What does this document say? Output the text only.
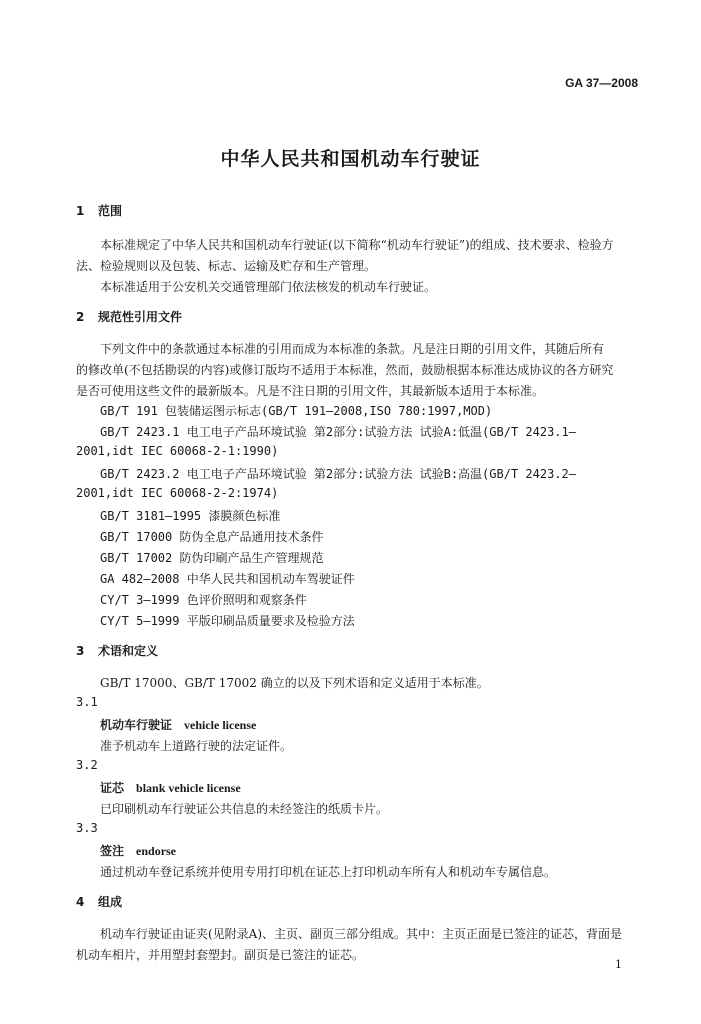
GA 37—2008
中华人民共和国机动车行驶证
1 范围
本标准规定了中华人民共和国机动车行驶证(以下简称“机动车行驶证”)的组成、技术要求、检验方
法、检验规则以及包装、标志、运输及贮存和生产管理。
本标准适用于公安机关交通管理部门依法核发的机动车行驶证。
2 规范性引用文件
下列文件中的条款通过本标准的引用而成为本标准的条款。凡是注日期的引用文件，其随后所有
的修改单(不包括勘误的内容)或修订版均不适用于本标准，然而，鼓励根据本标准达成协议的各方研究
是否可使用这些文件的最新版本。凡是不注日期的引用文件，其最新版本适用于本标准。
GB/T 191 包装储运图示标志(GB/T 191—2008,ISO 780:1997,MOD)
GB/T 2423.1 电工电子产品环境试验 第2部分:试验方法 试验A:低温(GB/T 2423.1—
2001,idt IEC 60068-2-1:1990)
GB/T 2423.2 电工电子产品环境试验 第2部分:试验方法 试验B:高温(GB/T 2423.2—
2001,idt IEC 60068-2-2:1974)
GB/T 3181—1995 漆膜颜色标准
GB/T 17000 防伪全息产品通用技术条件
GB/T 17002 防伪印刷产品生产管理规范
GA 482—2008 中华人民共和国机动车驾驶证件
CY/T 3—1999 色评价照明和观察条件
CY/T 5—1999 平版印刷品质量要求及检验方法
3 术语和定义
GB/T 17000、GB/T 17002 确立的以及下列术语和定义适用于本标准。
3.1
机动车行驶证 vehicle license
准予机动车上道路行驶的法定证件。
3.2
证芯 blank vehicle license
已印刷机动车行驶证公共信息的未经签注的纸质卡片。
3.3
签注 endorse
通过机动车登记系统并使用专用打印机在证芯上打印机动车所有人和机动车专属信息。
4 组成
机动车行驶证由证夹(见附录A)、主页、副页三部分组成。其中：主页正面是已签注的证芯，背面是
机动车相片，并用塑封套塑封。副页是已签注的证芯。
1
